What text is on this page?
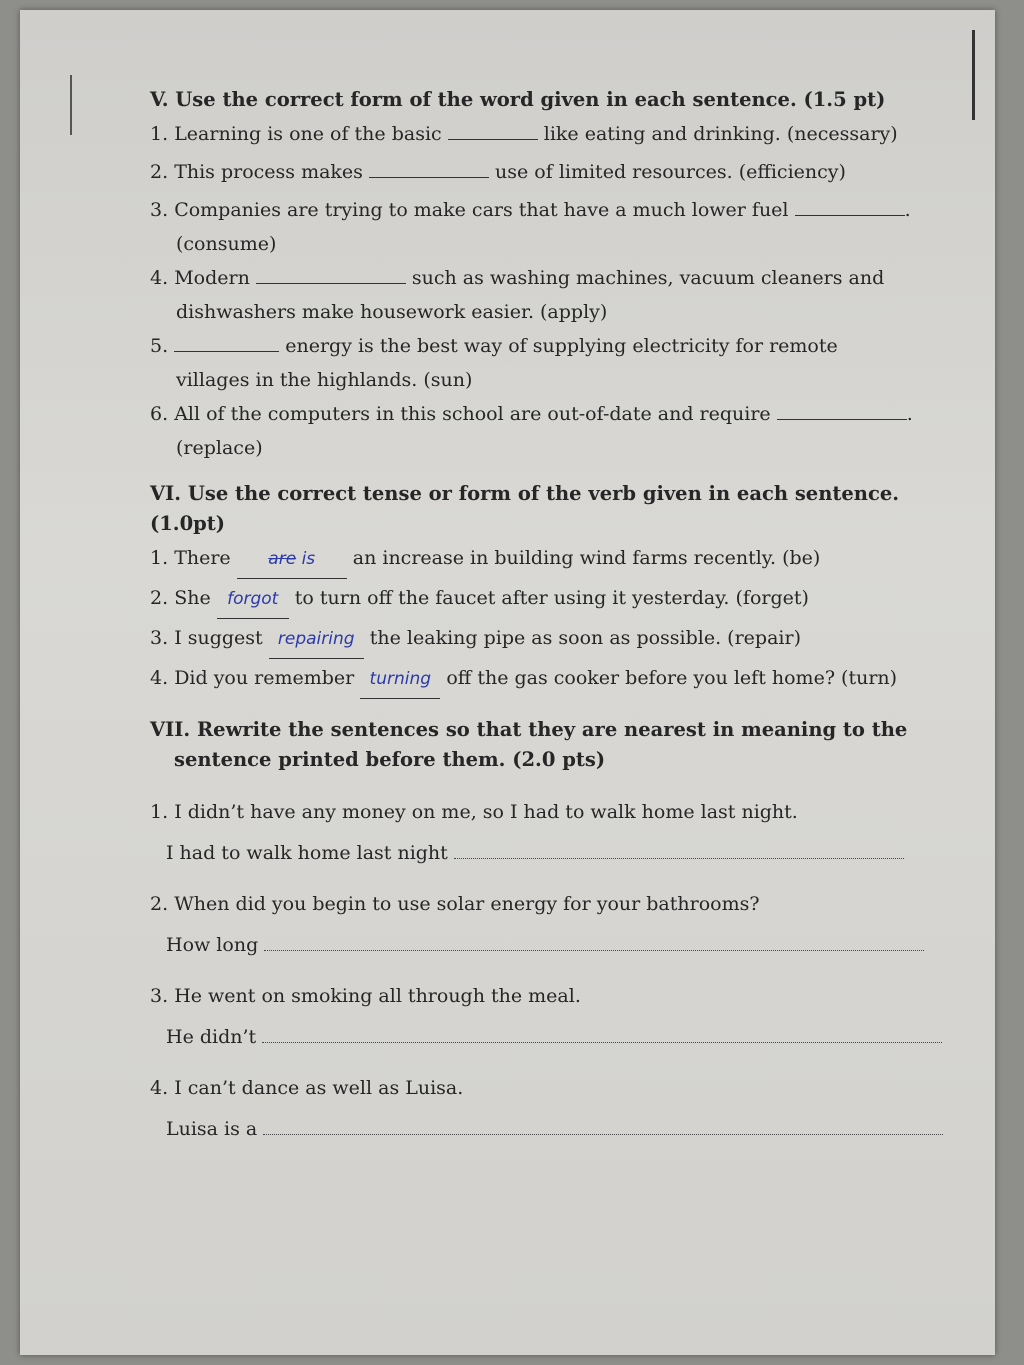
V. Use the correct form of the word given in each sentence. (1.5 pt)

1. Learning is one of the basic	like eating and drinking. (necessary)

2. This process makes	use of limited resources. (efficiency)

3. Companies are trying to make cars that have a much lower fuel	.

(consume)

4. Modern	such as washing machines, vacuum cleaners and

dishwashers make housework easier. (apply)

5.	energy is the best way of supplying electricity for remote

villages in the highlands. (sun)

6. All of the computers in this school are out-of-date and require	.

(replace)

VI. Use the correct tense or form of the verb given in each sentence. (1.0pt)

1. There are is an increase in building wind farms recently. (be)

2. She forgot to turn off the faucet after using it yesterday. (forget)

3. I suggest repairing the leaking pipe as soon as possible. (repair)

4. Did you remember turning off the gas cooker before you left home? (turn)

VII. Rewrite the sentences so that they are nearest in meaning to the

sentence printed before them. (2.0 pts)

1. I didn’t have any money on me, so I had to walk home last night.

I had to walk home last night

2. When did you begin to use solar energy for your bathrooms?

How long

3. He went on smoking all through the meal.

He didn’t

4. I can’t dance as well as Luisa.

Luisa is a
